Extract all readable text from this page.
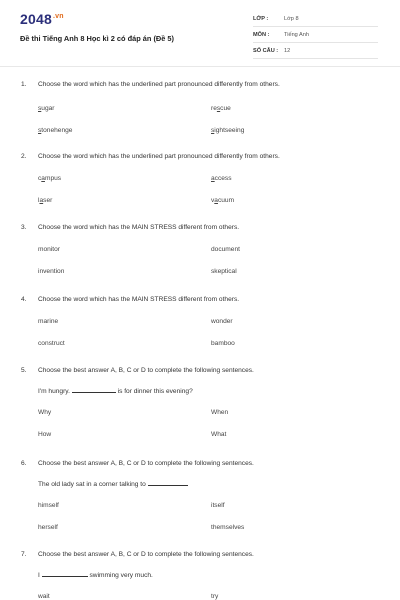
$2048^{.vn}$
Đề thi Tiếng Anh 8 Học kì 2 có đáp án (Đề 5)
LỚP :	Lớp 8
MÔN :	Tiếng Anh
SỐ CÂU : 12
1. Choose the word which has the underlined part pronounced differently from others.
sugar	rescue
stonehenge	sightseeing
2. Choose the word which has the underlined part pronounced differently from others.
campus	access
laser	vacuum
3. Choose the word which has the MAIN STRESS different from others.
monitor	document
invention	skeptical
4. Choose the word which has the MAIN STRESS different from others.
marine	wonder
construct	bamboo
5. Choose the best answer A, B, C or D to complete the following sentences.
I'm hungry.	is for dinner this evening?
Why	When
How	What
6. Choose the best answer A, B, C or D to complete the following sentences.
The old lady sat in a corner talking to
himself	itself
herself	themselves
7. Choose the best answer A, B, C or D to complete the following sentences.
I	swimming very much.
wait	try
